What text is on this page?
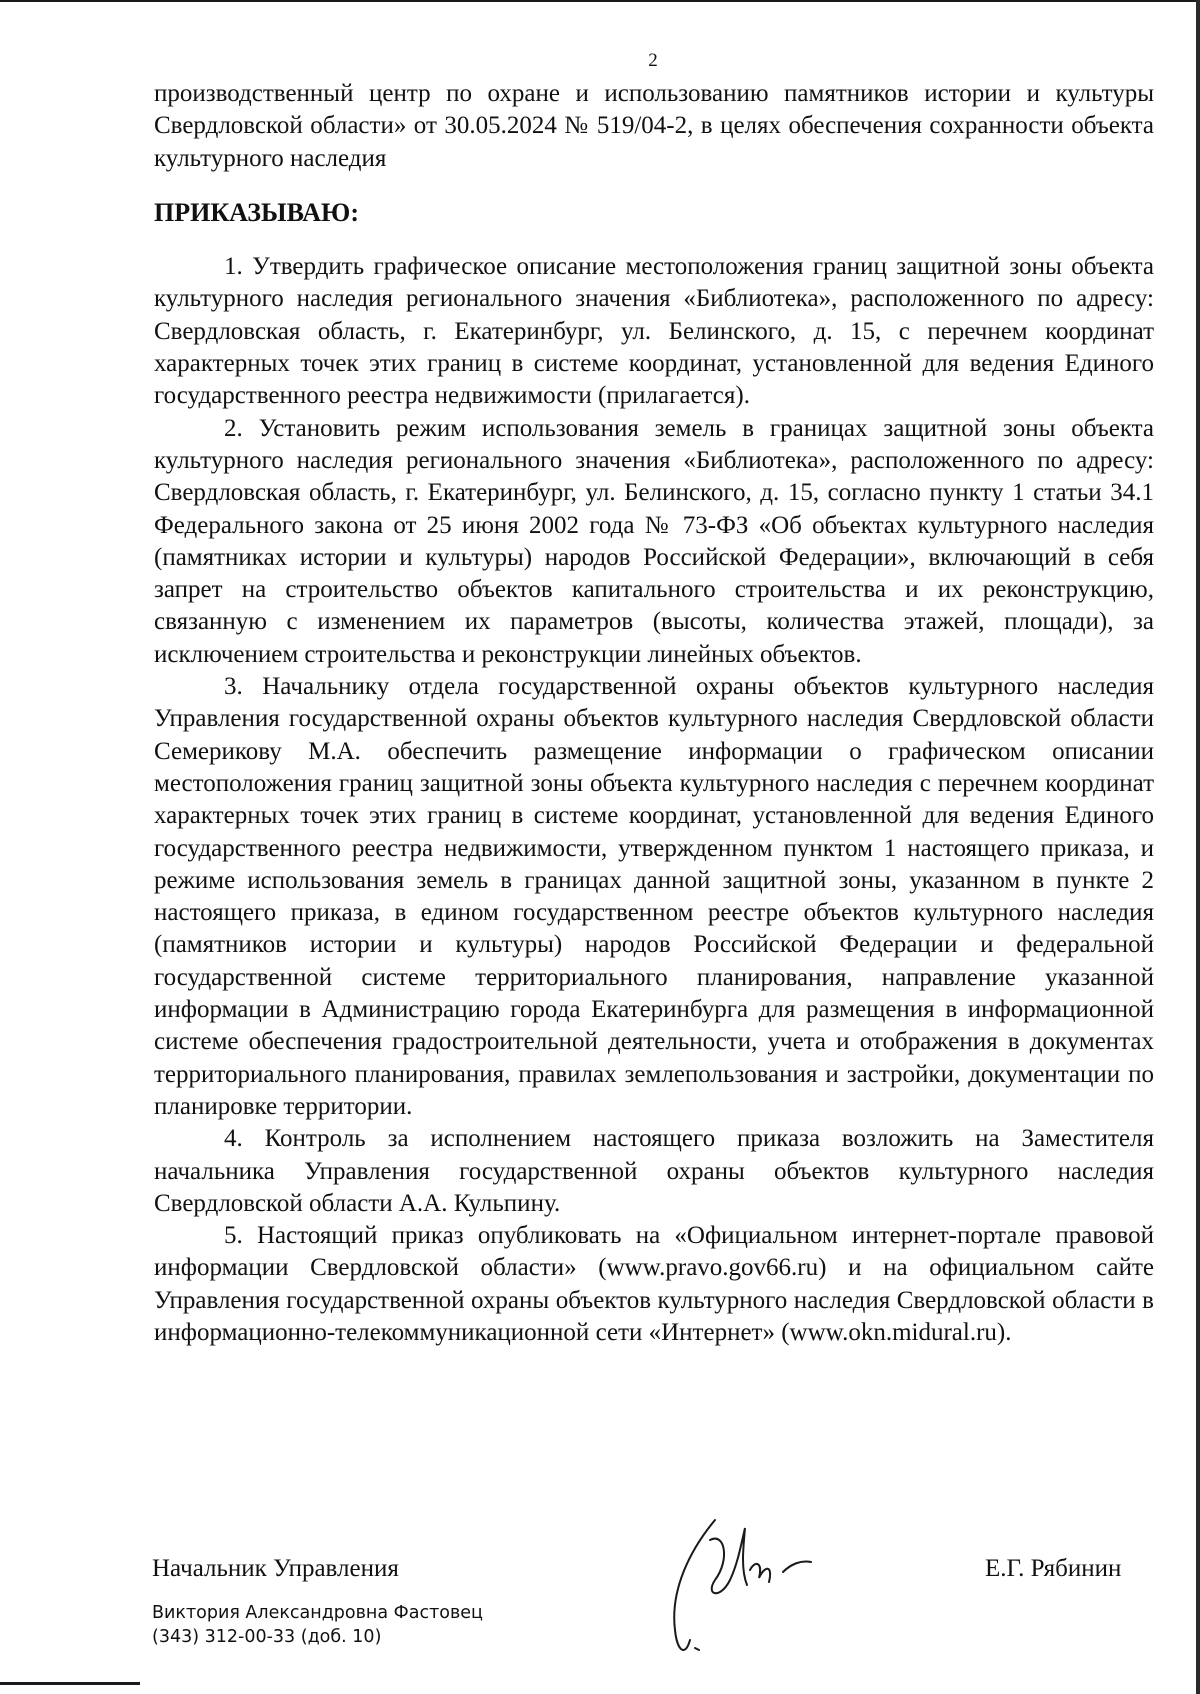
2

производственный центр по охране и использованию памятников истории и культуры Свердловской области» от 30.05.2024 № 519/04-2, в целях обеспечения сохранности объекта культурного наследия

ПРИКАЗЫВАЮ:

1. Утвердить графическое описание местоположения границ защитной зоны объекта культурного наследия регионального значения «Библиотека», расположенного по адресу: Свердловская область, г. Екатеринбург, ул. Белинского, д. 15, с перечнем координат характерных точек этих границ в системе координат, установленной для ведения Единого государственного реестра недвижимости (прилагается).

2. Установить режим использования земель в границах защитной зоны объекта культурного наследия регионального значения «Библиотека», расположенного по адресу: Свердловская область, г. Екатеринбург, ул. Белинского, д. 15, согласно пункту 1 статьи 34.1 Федерального закона от 25 июня 2002 года № 73-ФЗ «Об объектах культурного наследия (памятниках истории и культуры) народов Российской Федерации», включающий в себя запрет на строительство объектов капитального строительства и их реконструкцию, связанную с изменением их параметров (высоты, количества этажей, площади), за исключением строительства и реконструкции линейных объектов.

3. Начальнику отдела государственной охраны объектов культурного наследия Управления государственной охраны объектов культурного наследия Свердловской области Семерикову М.А. обеспечить размещение информации о графическом описании местоположения границ защитной зоны объекта культурного наследия с перечнем координат характерных точек этих границ в системе координат, установленной для ведения Единого государственного реестра недвижимости, утвержденном пунктом 1 настоящего приказа, и режиме использования земель в границах данной защитной зоны, указанном в пункте 2 настоящего приказа, в едином государственном реестре объектов культурного наследия (памятников истории и культуры) народов Российской Федерации и федеральной государственной системе территориального планирования, направление указанной информации в Администрацию города Екатеринбурга для размещения в информационной системе обеспечения градостроительной деятельности, учета и отображения в документах территориального планирования, правилах землепользования и застройки, документации по планировке территории.

4. Контроль за исполнением настоящего приказа возложить на Заместителя начальника Управления государственной охраны объектов культурного наследия Свердловской области А.А. Кульпину.

5. Настоящий приказ опубликовать на «Официальном интернет-портале правовой информации Свердловской области» (www.pravo.gov66.ru) и на официальном сайте Управления государственной охраны объектов культурного наследия Свердловской области в информационно-телекоммуникационной сети «Интернет» (www.okn.midural.ru).

Начальник Управления	Е.Г. Рябинин
Виктория Александровна Фастовец
(343) 312-00-33 (доб. 10)
